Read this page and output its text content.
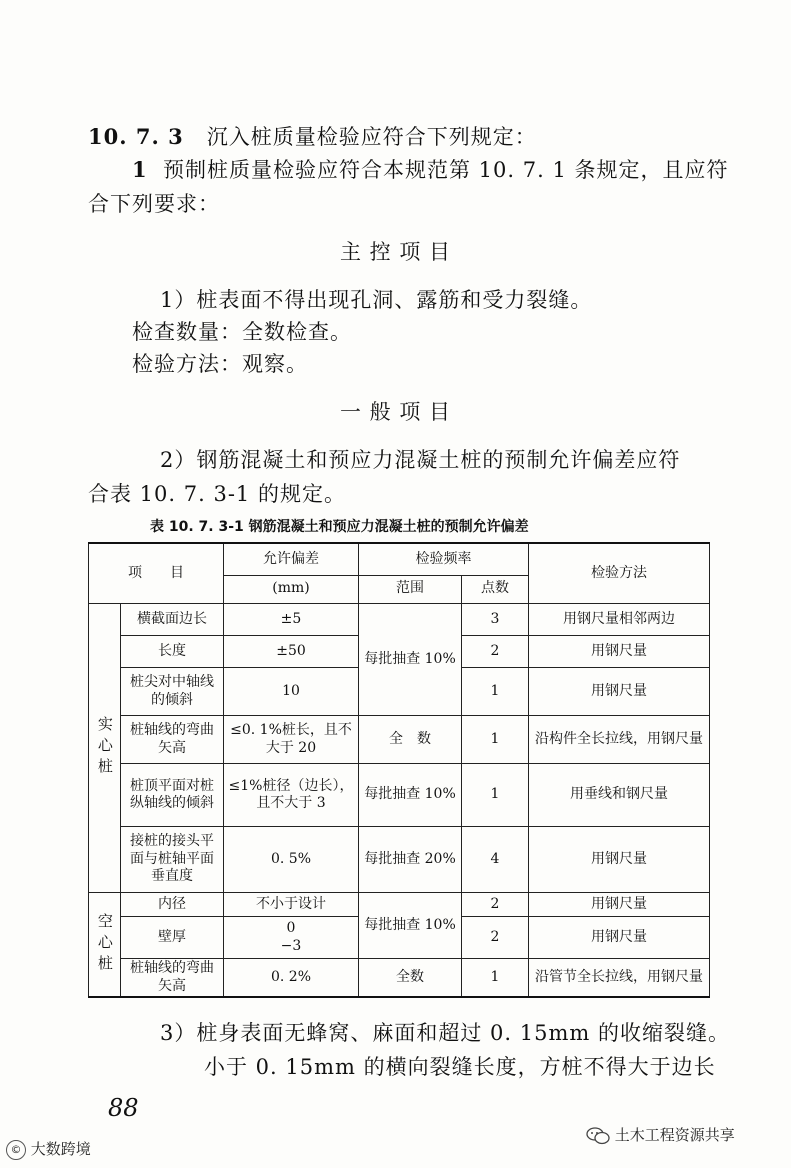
10. 7. 3 沉入桩质量检验应符合下列规定：
1 预制桩质量检验应符合本规范第 10. 7. 1 条规定，且应符
合下列要求：
主 控 项 目
1）桩表面不得出现孔洞、露筋和受力裂缝。
检查数量：全数检查。
检验方法：观察。
一 般 项 目
2）钢筋混凝土和预应力混凝土桩的预制允许偏差应符
合表 10. 7. 3-1 的规定。
表 10. 7. 3-1 钢筋混凝土和预应力混凝土桩的预制允许偏差
项　　目		允许偏差	检验频率		检验方法
		(mm)	范围	点数	
实心桩	横截面边长	±5	每批抽查 10%	3	用钢尺量相邻两边
	长度	±50		2	用钢尺量
	桩尖对中轴线的倾斜	10		1	用钢尺量
	桩轴线的弯曲矢高	≤0. 1%桩长，且不大于 20	全　数	1	沿构件全长拉线，用钢尺量
	桩顶平面对桩纵轴线的倾斜	≤1%桩径（边长），且不大于 3	每批抽查 10%	1	用垂线和钢尺量
	接桩的接头平面与桩轴平面垂直度	0. 5%	每批抽查 20%	4	用钢尺量
空心桩	内径	不小于设计	每批抽查 10%	2	用钢尺量
	壁厚	0
−3		2	用钢尺量
	桩轴线的弯曲矢高	0. 2%	全数	1	沿管节全长拉线，用钢尺量
3）桩身表面无蜂窝、麻面和超过 0. 15mm 的收缩裂缝。
小于 0. 15mm 的横向裂缝长度，方桩不得大于边长
88
© 大数跨境
土木工程资源共享
